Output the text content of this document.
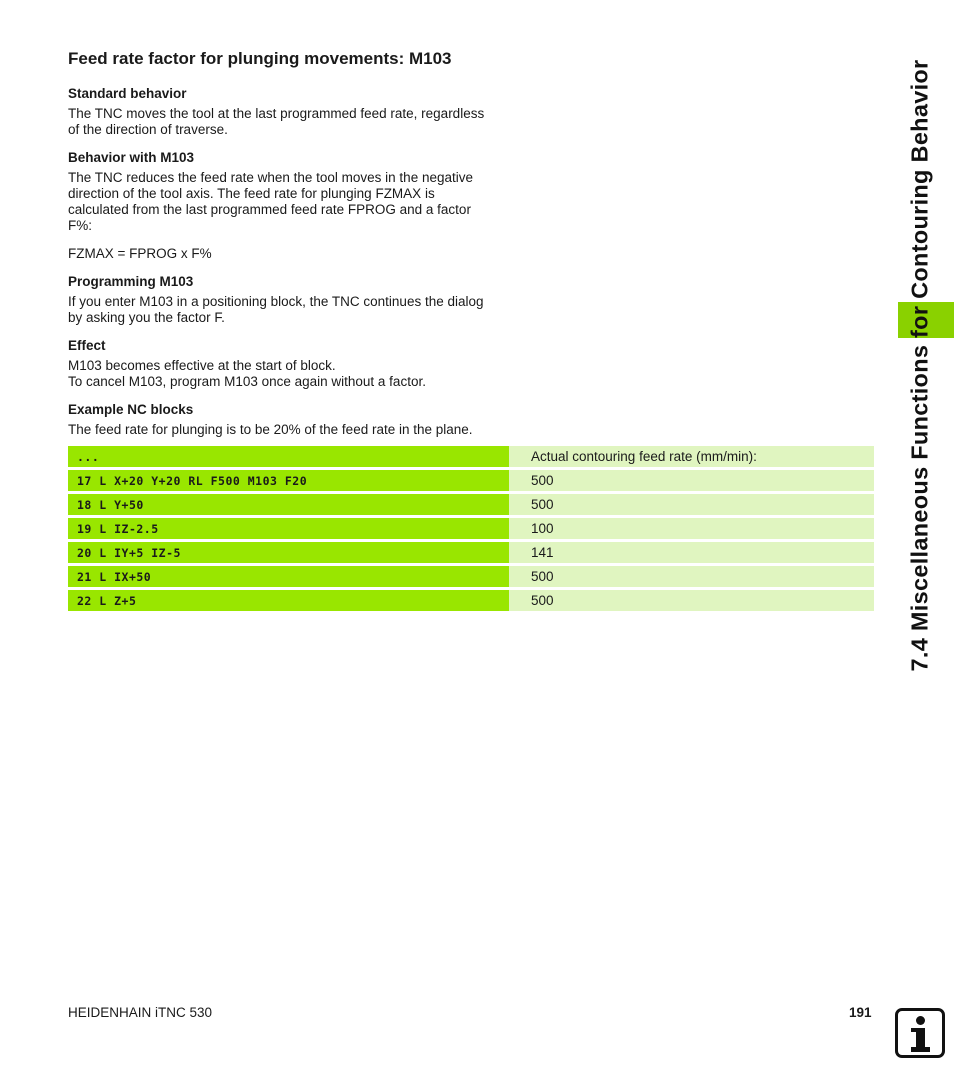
Feed rate factor for plunging movements: M103
Standard behavior

The TNC moves the tool at the last programmed feed rate, regardless
of the direction of traverse.

Behavior with M103

The TNC reduces the feed rate when the tool moves in the negative
direction of the tool axis. The feed rate for plunging FZMAX is
calculated from the last programmed feed rate FPROG and a factor
F%:

FZMAX = FPROG x F%

Programming M103

If you enter M103 in a positioning block, the TNC continues the dialog
by asking you the factor F.

Effect

M103 becomes effective at the start of block.
To cancel M103, program M103 once again without a factor.

Example NC blocks

The feed rate for plunging is to be 20% of the feed rate in the plane.

...	Actual contouring feed rate (mm/min):
17 L X+20 Y+20 RL F500 M103 F20	500
18 L Y+50	500
19 L IZ-2.5	100
20 L IY+5 IZ-5	141
21 L IX+50	500
22 L Z+5	500	7.4 Miscellaneous Functions for Contouring Behavior
HEIDENHAIN iTNC 530	191
